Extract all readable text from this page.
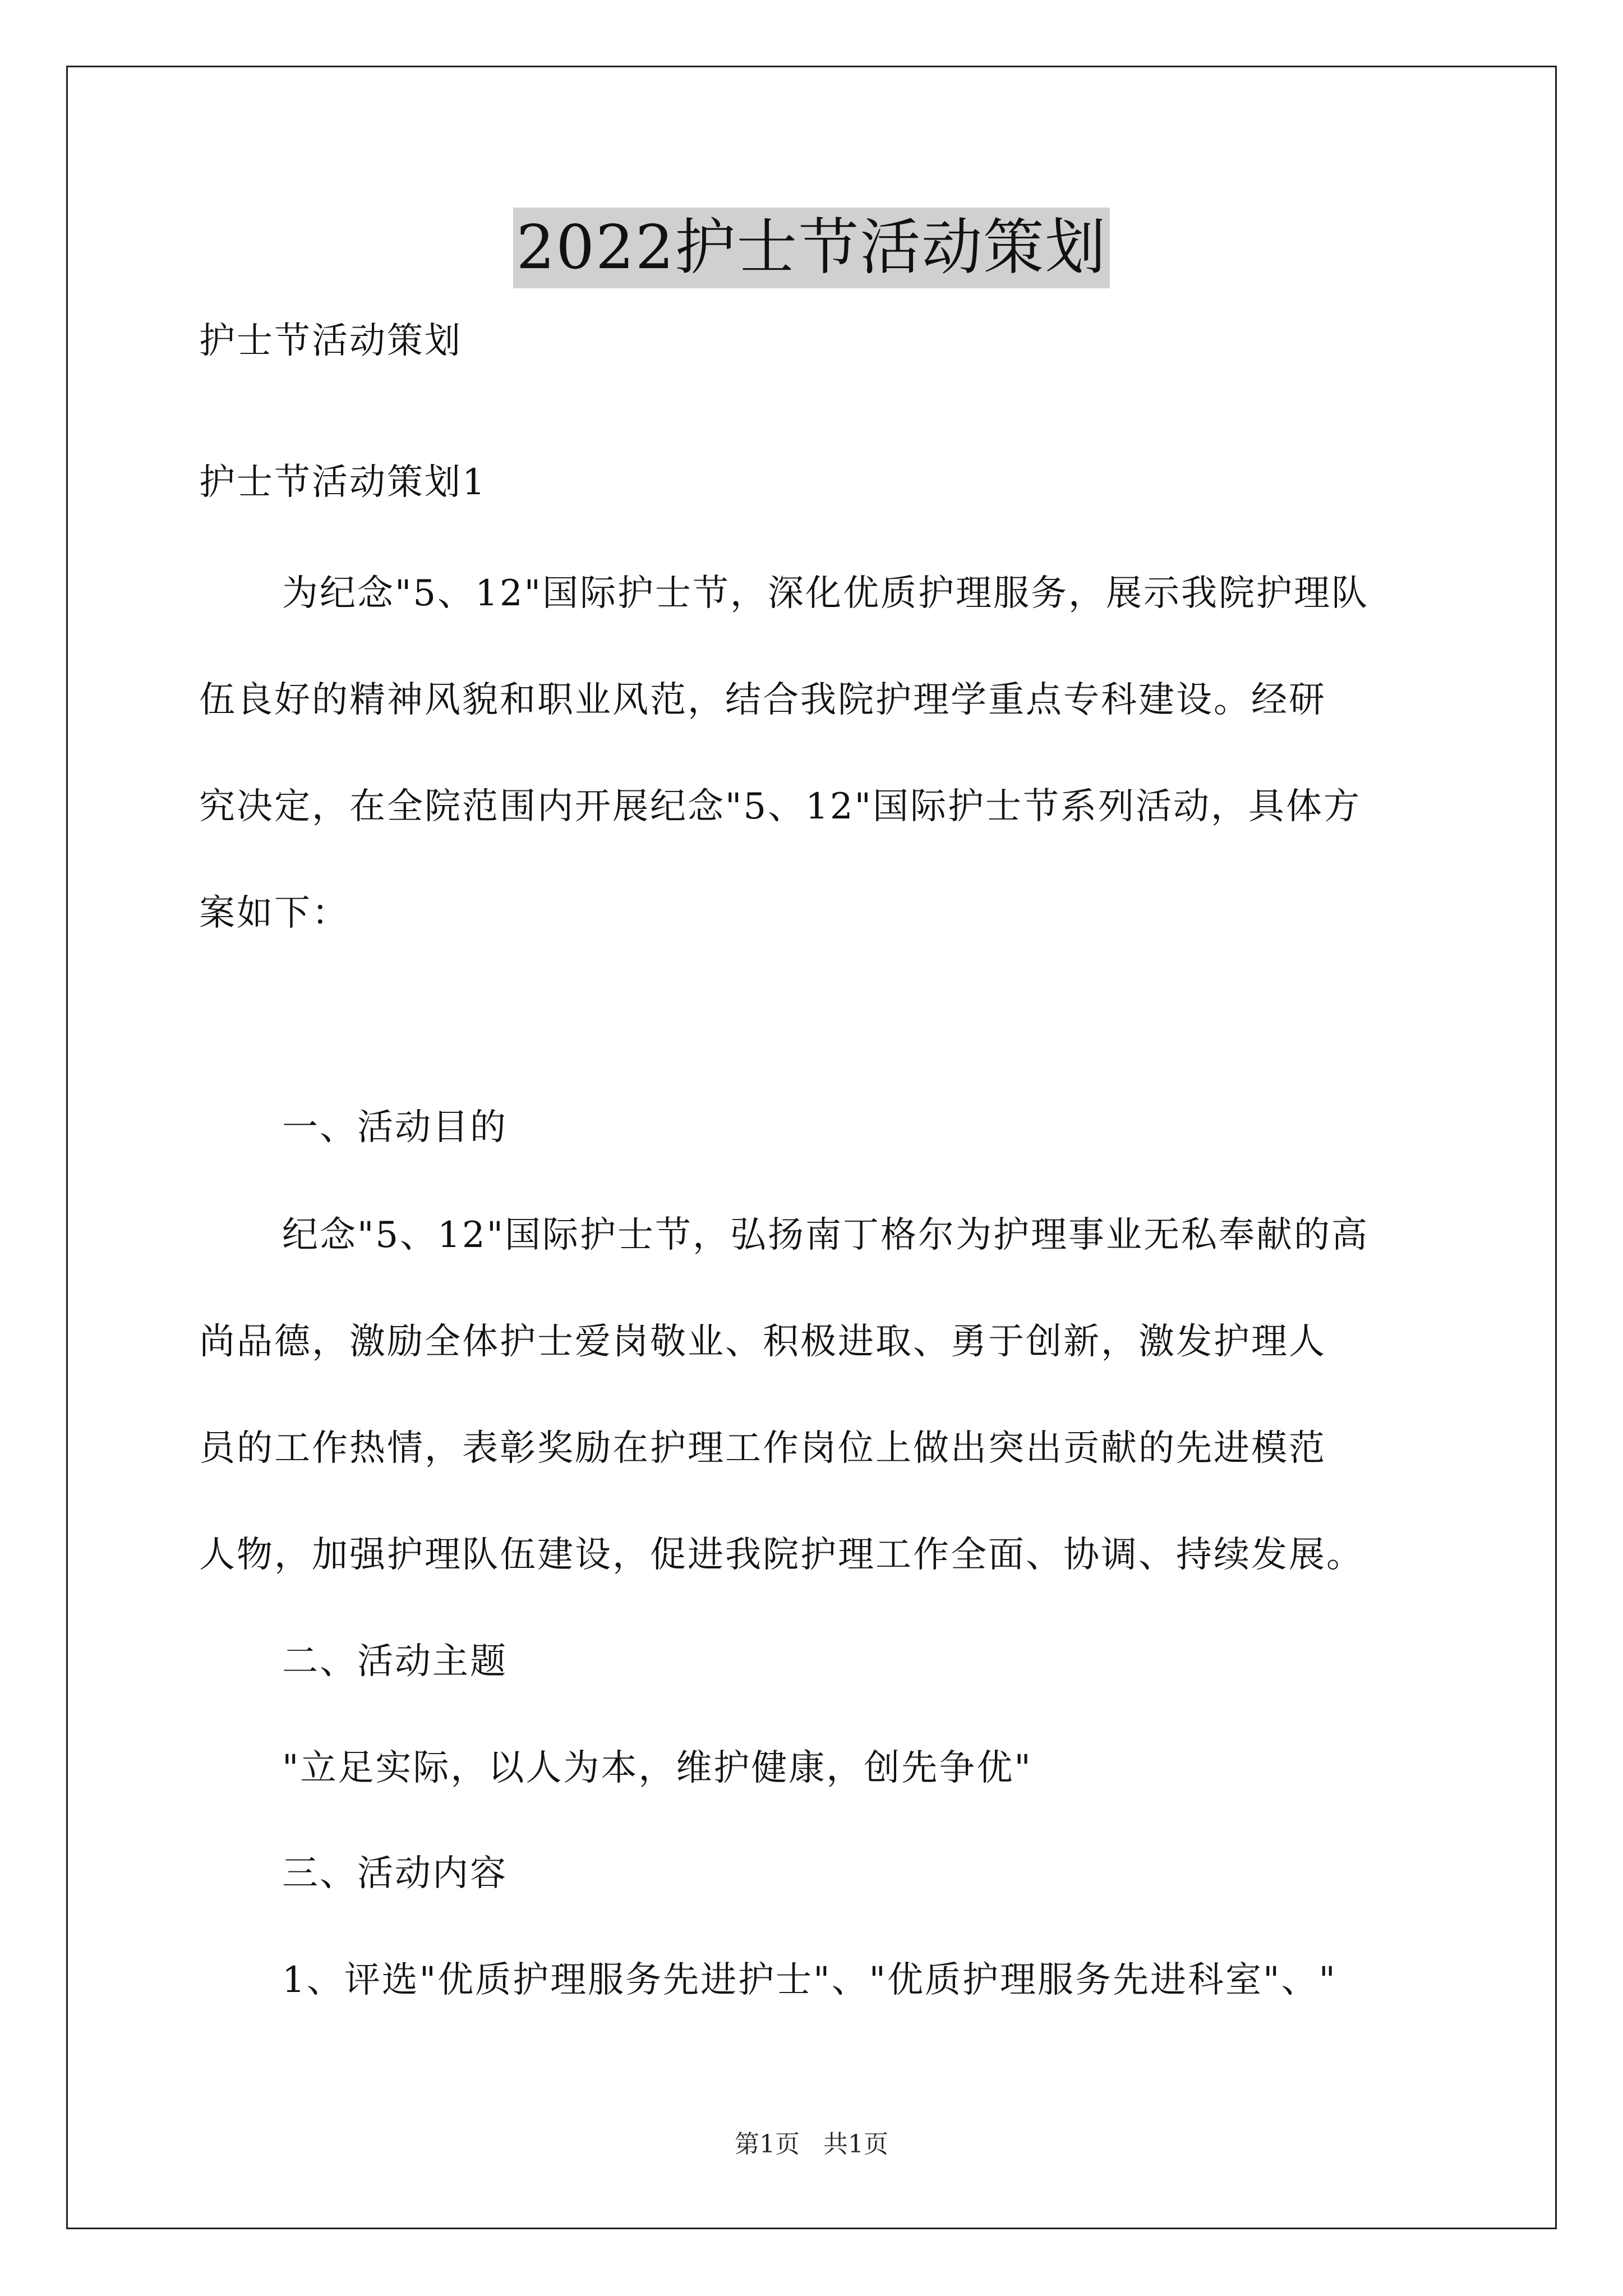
2022护士节活动策划
护士节活动策划
护士节活动策划1
为纪念"5、12"国际护士节，深化优质护理服务，展示我院护理队
伍良好的精神风貌和职业风范，结合我院护理学重点专科建设。经研
究决定，在全院范围内开展纪念"5、12"国际护士节系列活动，具体方
案如下：
一、活动目的
纪念"5、12"国际护士节，弘扬南丁格尔为护理事业无私奉献的高
尚品德，激励全体护士爱岗敬业、积极进取、勇于创新，激发护理人
员的工作热情，表彰奖励在护理工作岗位上做出突出贡献的先进模范
人物，加强护理队伍建设，促进我院护理工作全面、协调、持续发展。
二、活动主题
"立足实际，以人为本，维护健康，创先争优"
三、活动内容
1、评选"优质护理服务先进护士"、"优质护理服务先进科室"、"
第1页 共1页
